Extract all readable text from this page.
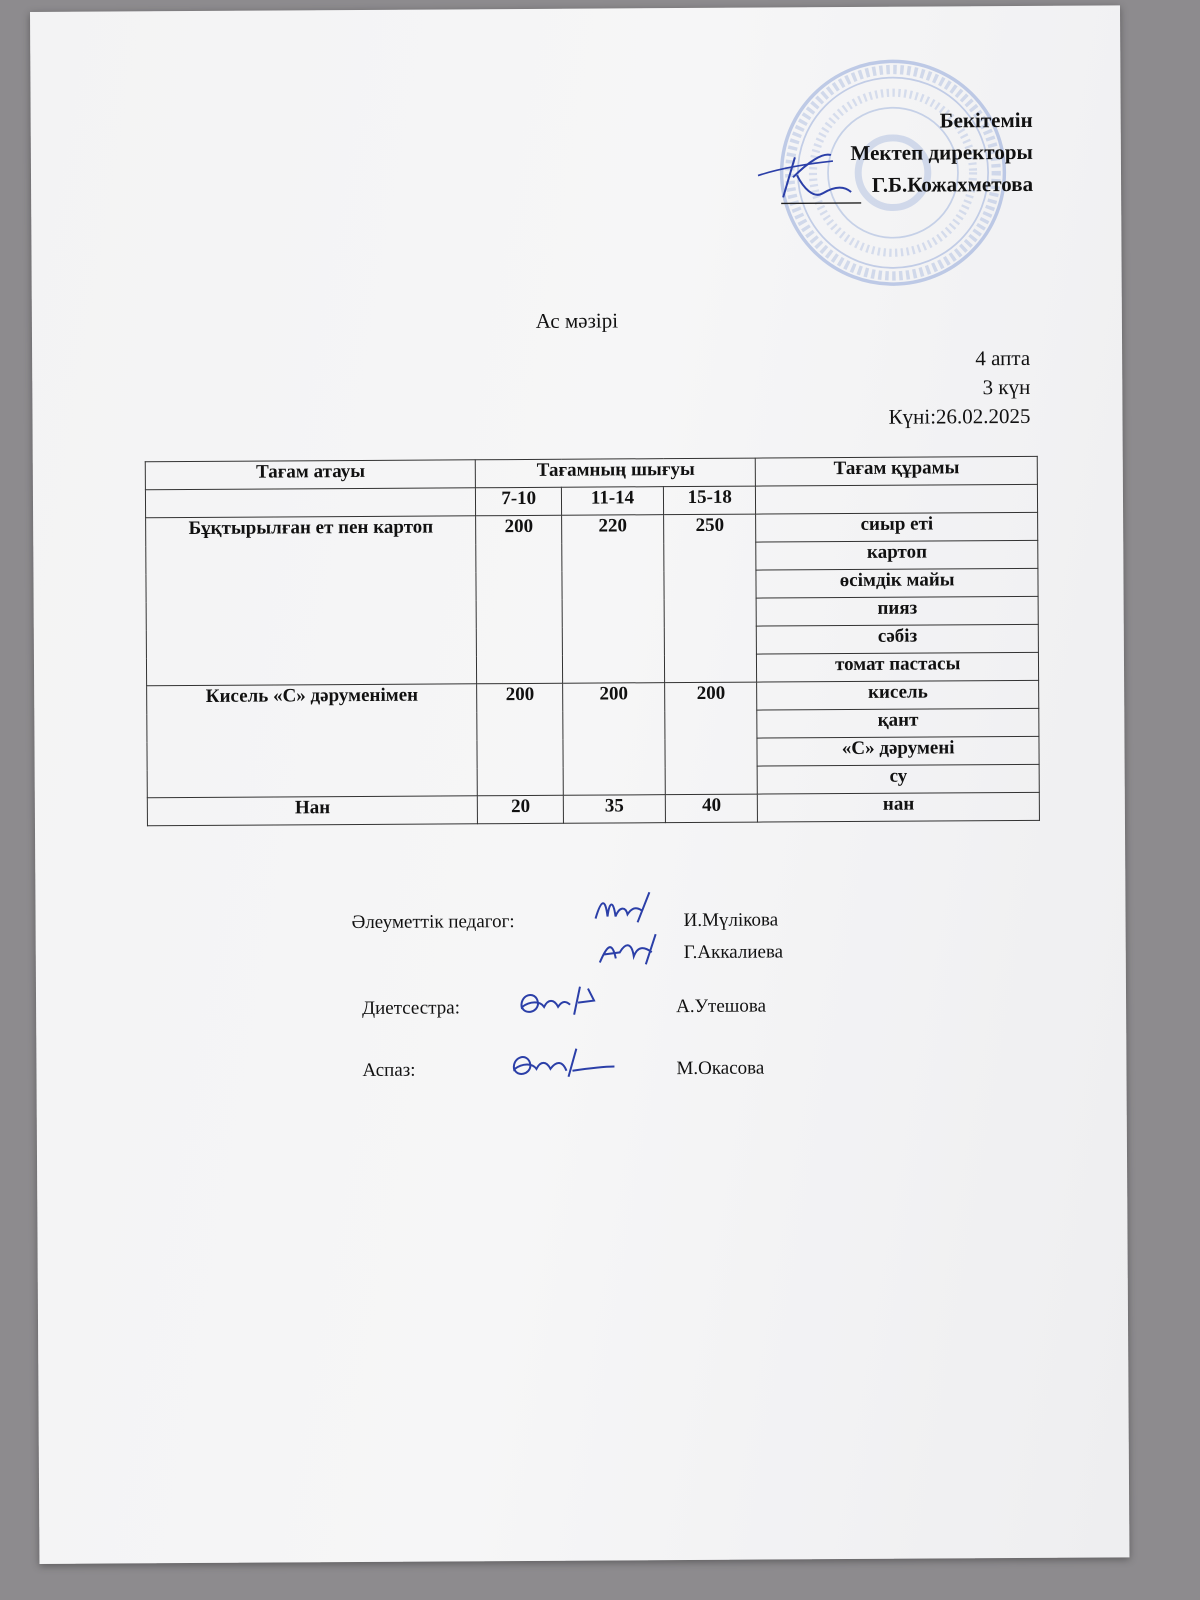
Бекітемін
Мектеп директоры
Г.Б.Кожахметова
Ас мәзірі
4 апта
3 күн
Күні:26.02.2025
Тағам атауы	Тағамның шығуы			Тағам құрамы
	7-10	11-14	15-18	
Бұқтырылған ет пен картоп	200	220	250	сиыр еті
				картоп
				өсімдік майы
				пияз
				сәбіз
				томат пастасы
Кисель «С» дәруменімен	200	200	200	кисель
				қант
				«С» дәрумені
				су
Нан	20	35	40	нан
Әлеуметтік педагог:	И.Мүлікова
Г.Аккалиева
Диетсестра:	А.Утешова
Аспаз:	М.Окасова
